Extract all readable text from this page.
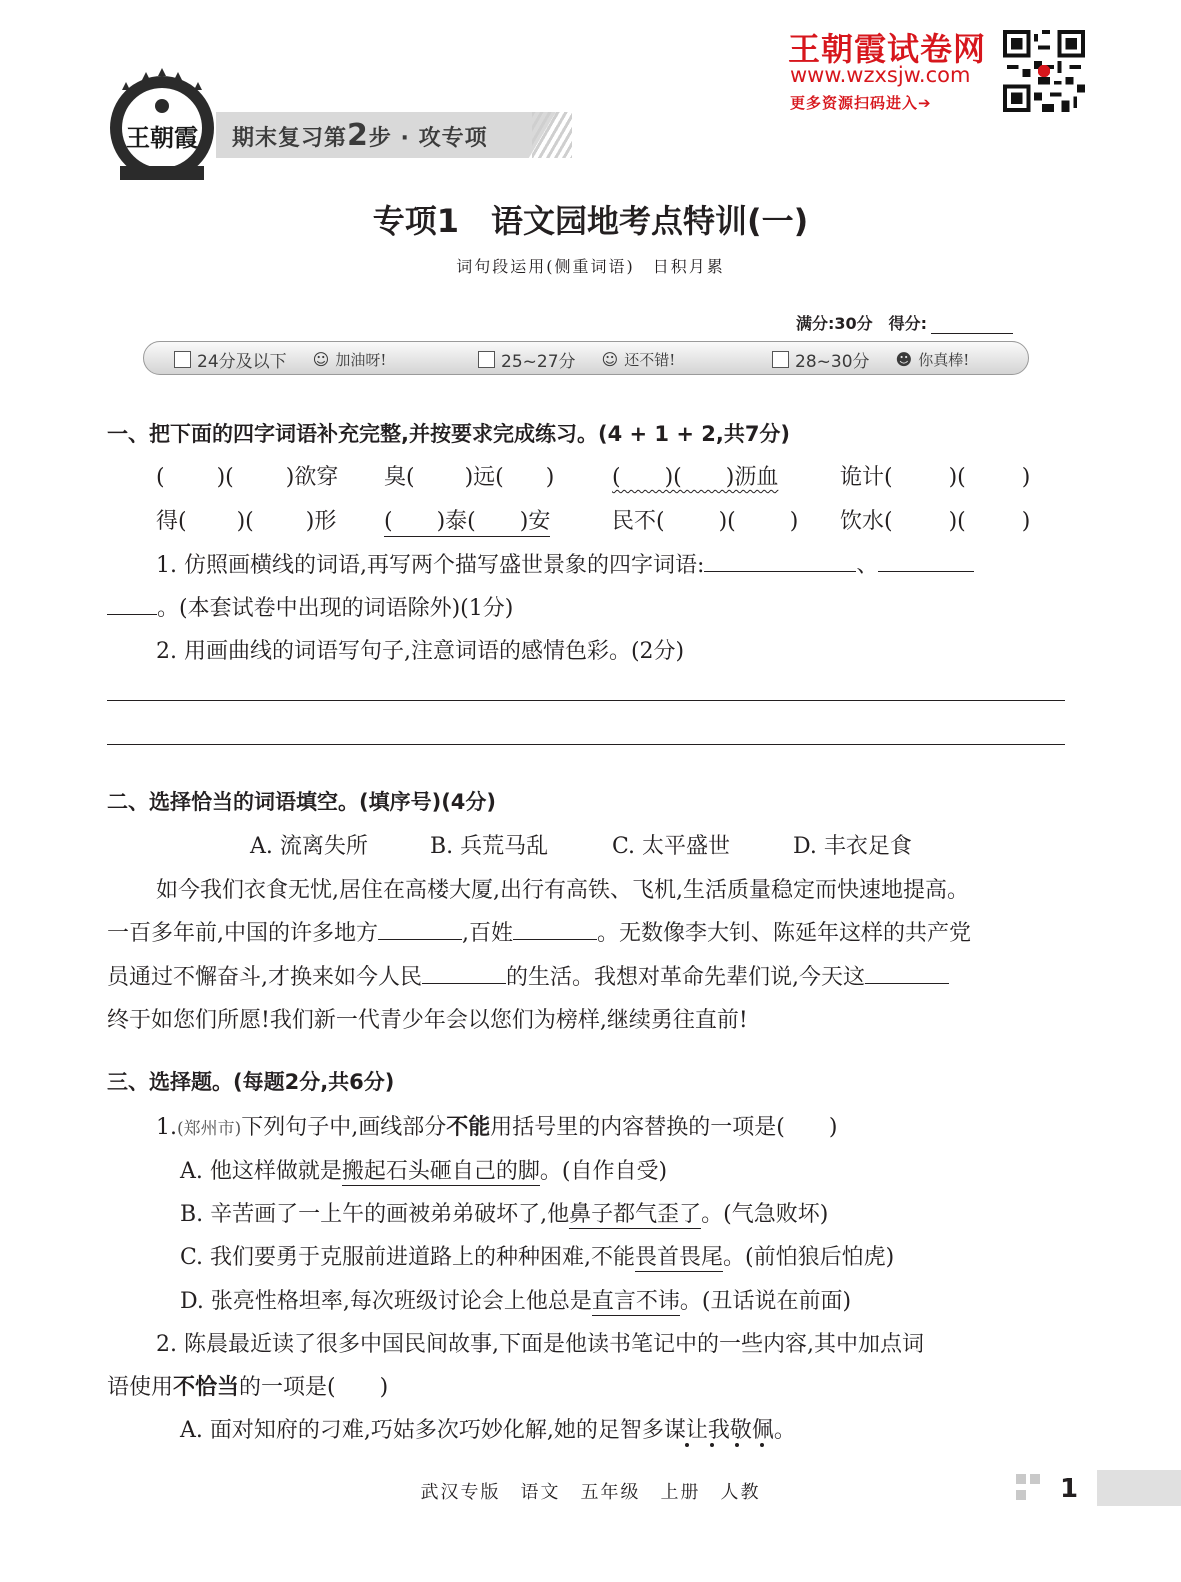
王朝霞 期末复习第2步 · 攻专项
王朝霞试卷网
www.wzxsjw.com
更多资源扫码进入➔
专项1　语文园地考点特训(一)
词句段运用(侧重词语)　日积月累
满分:30分　得分:
24分及以下 ☺ 加油呀!	25~27分 ☺ 还不错!	28~30分 ☻ 你真棒!
一、把下面的四字词语补充完整,并按要求完成练习。(4 + 1 + 2,共7分)
( )( )欲穿 臭( )远( )	(　　)(　　)沥血	诡计(	)(	)
得( )( )形 (　　)泰(　　)安	民不( )( ) 饮水(	)(	)
1. 仿照画横线的词语,再写两个描写盛世景象的四字词语:	、
。(本套试卷中出现的词语除外)(1分)
2. 用画曲线的词语写句子,注意词语的感情色彩。(2分)
二、选择恰当的词语填空。(填序号)(4分)
A. 流离失所	B. 兵荒马乱	C. 太平盛世	D. 丰衣足食
如今我们衣食无忧,居住在高楼大厦,出行有高铁、飞机,生活质量稳定而快速地提高。
一百多年前,中国的许多地方	,百姓	。无数像李大钊、陈延年这样的共产党
员通过不懈奋斗,才换来如今人民	的生活。我想对革命先辈们说,今天这
终于如您们所愿!我们新一代青少年会以您们为榜样,继续勇往直前!
三、选择题。(每题2分,共6分)
1.(郑州市)下列句子中,画线部分不能用括号里的内容替换的一项是(　　)
A. 他这样做就是搬起石头砸自己的脚。(自作自受)
B. 辛苦画了一上午的画被弟弟破坏了,他鼻子都气歪了。(气急败坏)
C. 我们要勇于克服前进道路上的种种困难,不能畏首畏尾。(前怕狼后怕虎)
D. 张亮性格坦率,每次班级讨论会上他总是直言不讳。(丑话说在前面)
2. 陈晨最近读了很多中国民间故事,下面是他读书笔记中的一些内容,其中加点词
语使用不恰当的一项是(　　)
A. 面对知府的刁难,巧姑多次巧妙化解,她的足智多谋让我敬佩。
武汉专版　语文　五年级　上册　人教	1
